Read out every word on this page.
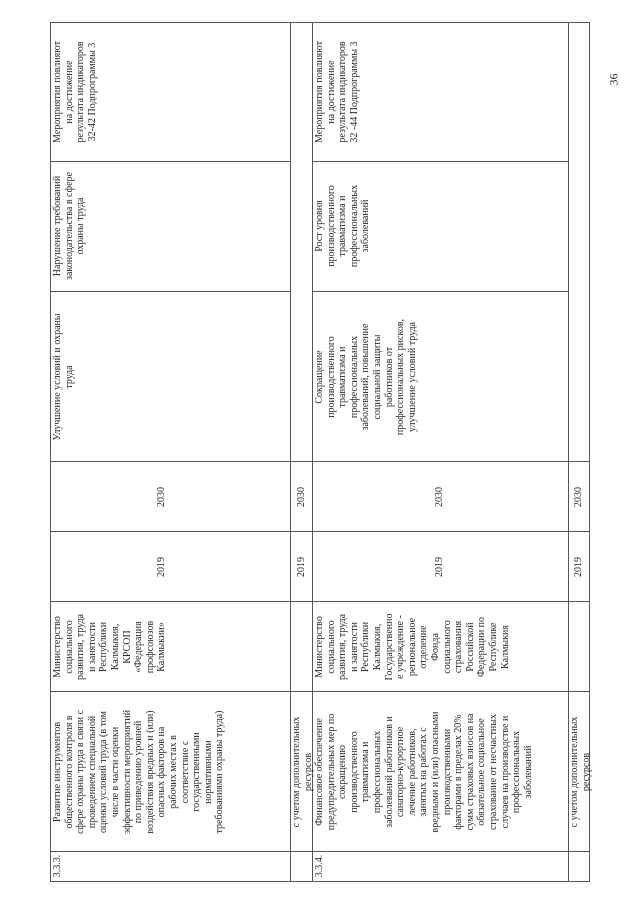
36
3.3.3.
Развитие инструментов
общественного контроля в
сфере охраны труда в связи с
проведением специальной
оценки условий труда (в том
числе в части оценки
эффективности мероприятий
по приведению уровней
воздействия вредных и (или)
опасных факторов на
рабочих местах в
соответствие с
государственными
нормативными
требованиями охраны труда)
Министерство
социального
развития, труда
и занятости
Республики
Калмыкия,
КРСОП
«Федерация
профсоюзов
Калмыкии»
2019
2030
Улучшение условий и охраны
труда
Нарушение требований
законодательства в сфере
охраны труда
Мероприятия повлияют
на достижение
результата индикаторов
32-42 Подпрограммы 3
с учетом дополнительных
ресурсов
2019
2030
3.3.4.
Финансовое обеспечение
предупредительных мер по
сокращению
производственного
травматизма и
профессиональных
заболеваний работников и
санаторно-курортное
лечение работников,
занятых на работах с
вредными и (или) опасными
производственными
факторами в пределах 20%
сумм страховых взносов на
обязательное социальное
страхование от несчастных
случаев на производстве и
профессиональных
заболеваний
Министерство
социального
развития, труда
и занятости
Республики
Калмыкия,
Государственно
е учреждение -
региональное
отделение
Фонда
социального
страхования
Российской
Федерации по
Республике
Калмыкия
2019
2030
Сокращение
производственного
травматизма и
профессиональных
заболеваний, повышение
социальной защиты
работников от
профессиональных рисков,
улучшение условий труда
Рост уровня
производственного
травматизма и
профессиональных
заболеваний
Мероприятия повлияют
на достижение
результата индикаторов
32 -44 Подпрограммы 3
с учетом дополнительных
ресурсов
2019
2030
